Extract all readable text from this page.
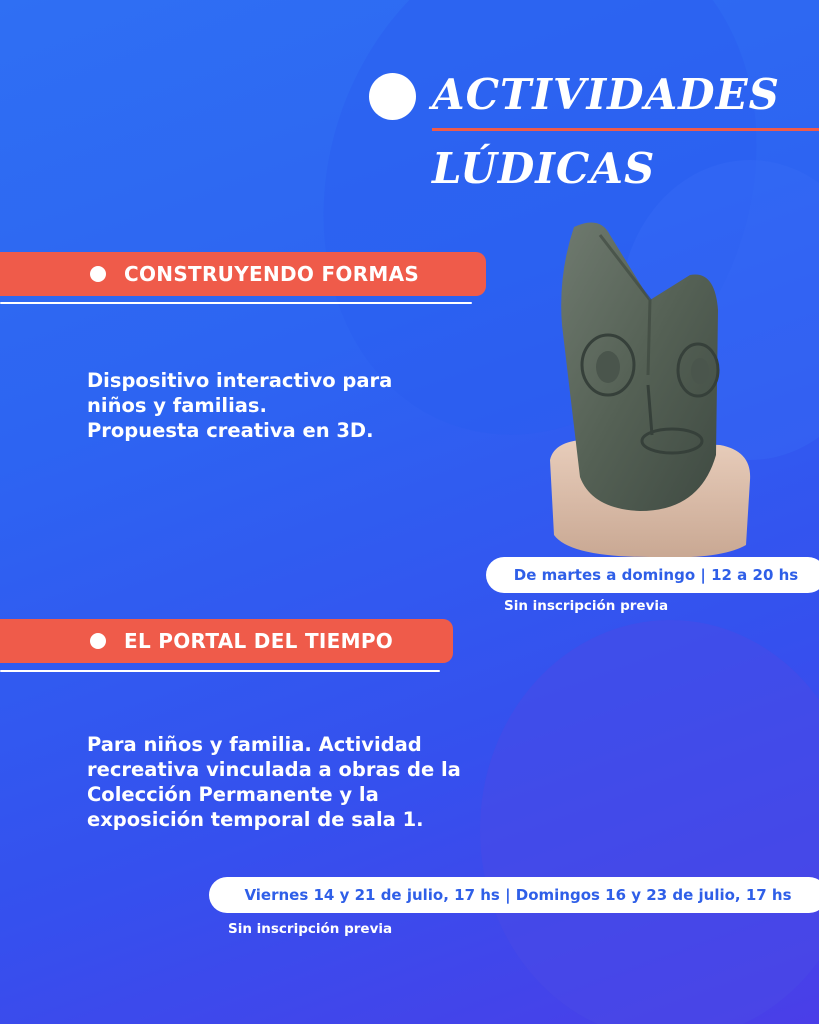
ACTIVIDADES
LÚDICAS
CONSTRUYENDO FORMAS
Dispositivo interactivo para
niños y familias.
Propuesta creativa en 3D.
De martes a domingo | 12 a 20 hs
Sin inscripción previa
EL PORTAL DEL TIEMPO
Para niños y familia. Actividad
recreativa vinculada a obras de la
Colección Permanente y la
exposición temporal de sala 1.
Viernes 14 y 21 de julio, 17 hs | Domingos 16 y 23 de julio, 17 hs
Sin inscripción previa
